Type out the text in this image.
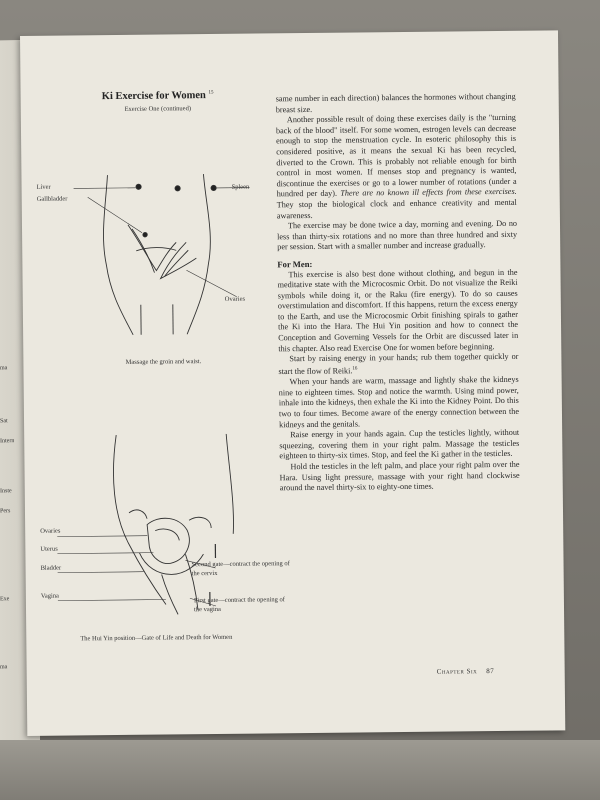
ma
Sat
Intern
Inste
Pers
Exe
ma
Ki Exercise for Women $^{15}$
Exercise One (continued)
Liver
Gallbladder
Spleen
Ovaries
Massage the groin and waist.
Ovaries
Uterus
Bladder
Vagina
Second gate—contract the opening of the cervix
First gate—contract the opening of the vagina
The Hui Yin position—Gate of Life and Death for Women

same number in each direction) balances the hormones without changing breast size.

Another possible result of doing these exercises daily is the "turning back of the blood" itself. For some women, estrogen levels can decrease enough to stop the menstruation cycle. In esoteric philosophy this is considered positive, as it means the sexual Ki has been recycled, diverted to the Crown. This is probably not reliable enough for birth control in most women. If menses stop and pregnancy is wanted, discontinue the exercises or go to a lower number of rotations (under a hundred per day). There are no known ill effects from these exercises. They stop the biological clock and enhance creativity and mental awareness.

The exercise may be done twice a day, morning and evening. Do no less than thirty-six rotations and no more than three hundred and sixty per session. Start with a smaller number and increase gradually.

For Men:

This exercise is also best done without clothing, and begun in the meditative state with the Microcosmic Orbit. Do not visualize the Reiki symbols while doing it, or the Raku (fire energy). To do so causes overstimulation and discomfort. If this happens, return the excess energy to the Earth, and use the Microcosmic Orbit finishing spirals to gather the Ki into the Hara. The Hui Yin position and how to connect the Conception and Governing Vessels for the Orbit are discussed later in this chapter. Also read Exercise One for women before beginning.

Start by raising energy in your hands; rub them together quickly or start the flow of Reiki.$^{16}$

When your hands are warm, massage and lightly shake the kidneys nine to eighteen times. Stop and notice the warmth. Using mind power, inhale into the kidneys, then exhale the Ki into the Kidney Point. Do this two to four times. Become aware of the energy connection between the kidneys and the genitals.

Raise energy in your hands again. Cup the testicles lightly, without squeezing, covering them in your right palm. Massage the testicles eighteen to thirty-six times. Stop, and feel the Ki gather in the testicles.

Hold the testicles in the left palm, and place your right palm over the Hara. Using light pressure, massage with your right hand clockwise around the navel thirty-six to eighty-one times.

Chapter Six 87
